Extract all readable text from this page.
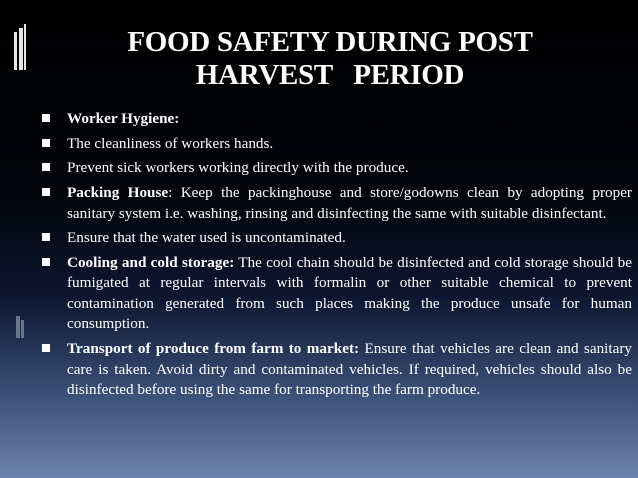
FOOD SAFETY DURING POST
HARVEST   PERIOD
Worker Hygiene:
The cleanliness of workers hands.
Prevent sick workers working directly with the produce.
Packing House: Keep the packinghouse and store/godowns clean by adopting proper sanitary system i.e. washing, rinsing and disinfecting the same with suitable disinfectant.
Ensure that the water used is uncontaminated.
Cooling and cold storage: The cool chain should be disinfected and cold storage should be fumigated at regular intervals with formalin or other suitable chemical to prevent contamination generated from such places making the produce unsafe for human consumption.
Transport of produce from farm to market: Ensure that vehicles are clean and sanitary care is taken. Avoid dirty and contaminated vehicles. If required, vehicles should also be disinfected before using the same for transporting the farm produce.
